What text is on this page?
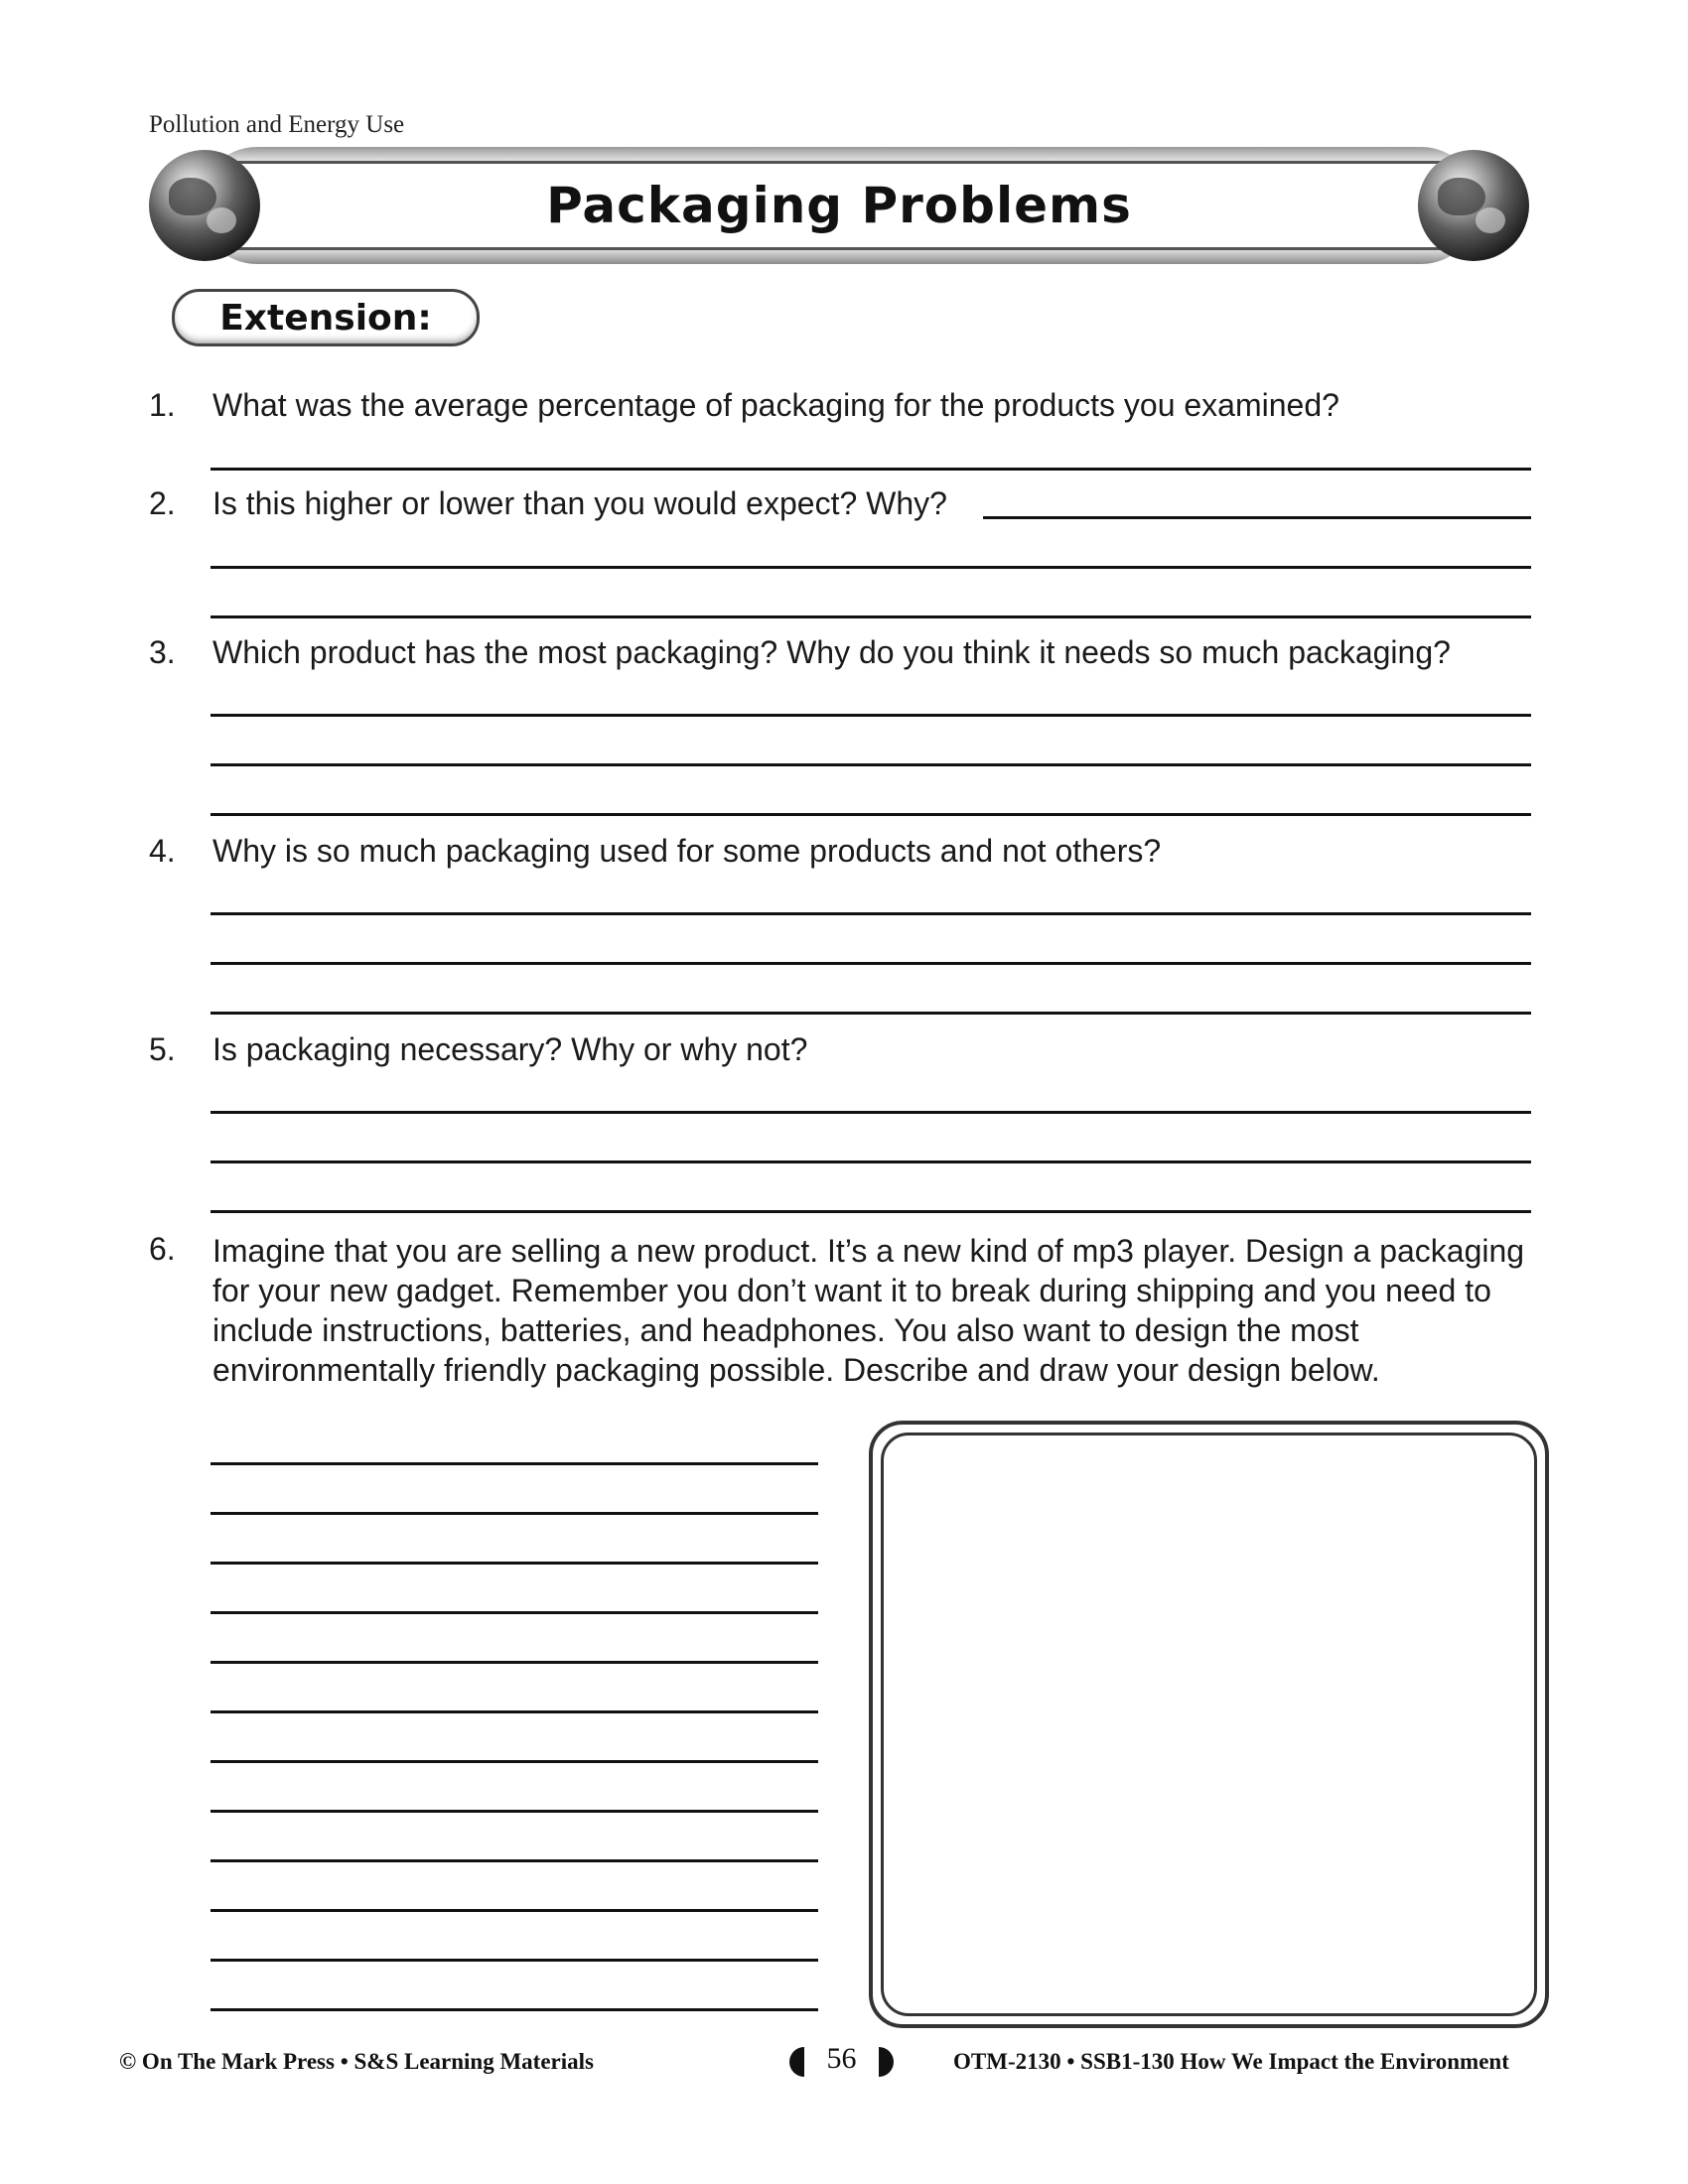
Pollution and Energy Use
Packaging Problems
Extension:
1. What was the average percentage of packaging for the products you examined?
2. Is this higher or lower than you would expect? Why?
3. Which product has the most packaging? Why do you think it needs so much packaging?
4. Why is so much packaging used for some products and not others?
5. Is packaging necessary? Why or why not?
6. Imagine that you are selling a new product. It’s a new kind of mp3 player. Design a packaging for your new gadget. Remember you don’t want it to break during shipping and you need to include instructions, batteries, and headphones. You also want to design the most environmentally friendly packaging possible. Describe and draw your design below.
© On The Mark Press • S&S Learning Materials	56	OTM-2130 • SSB1-130 How We Impact the Environment
